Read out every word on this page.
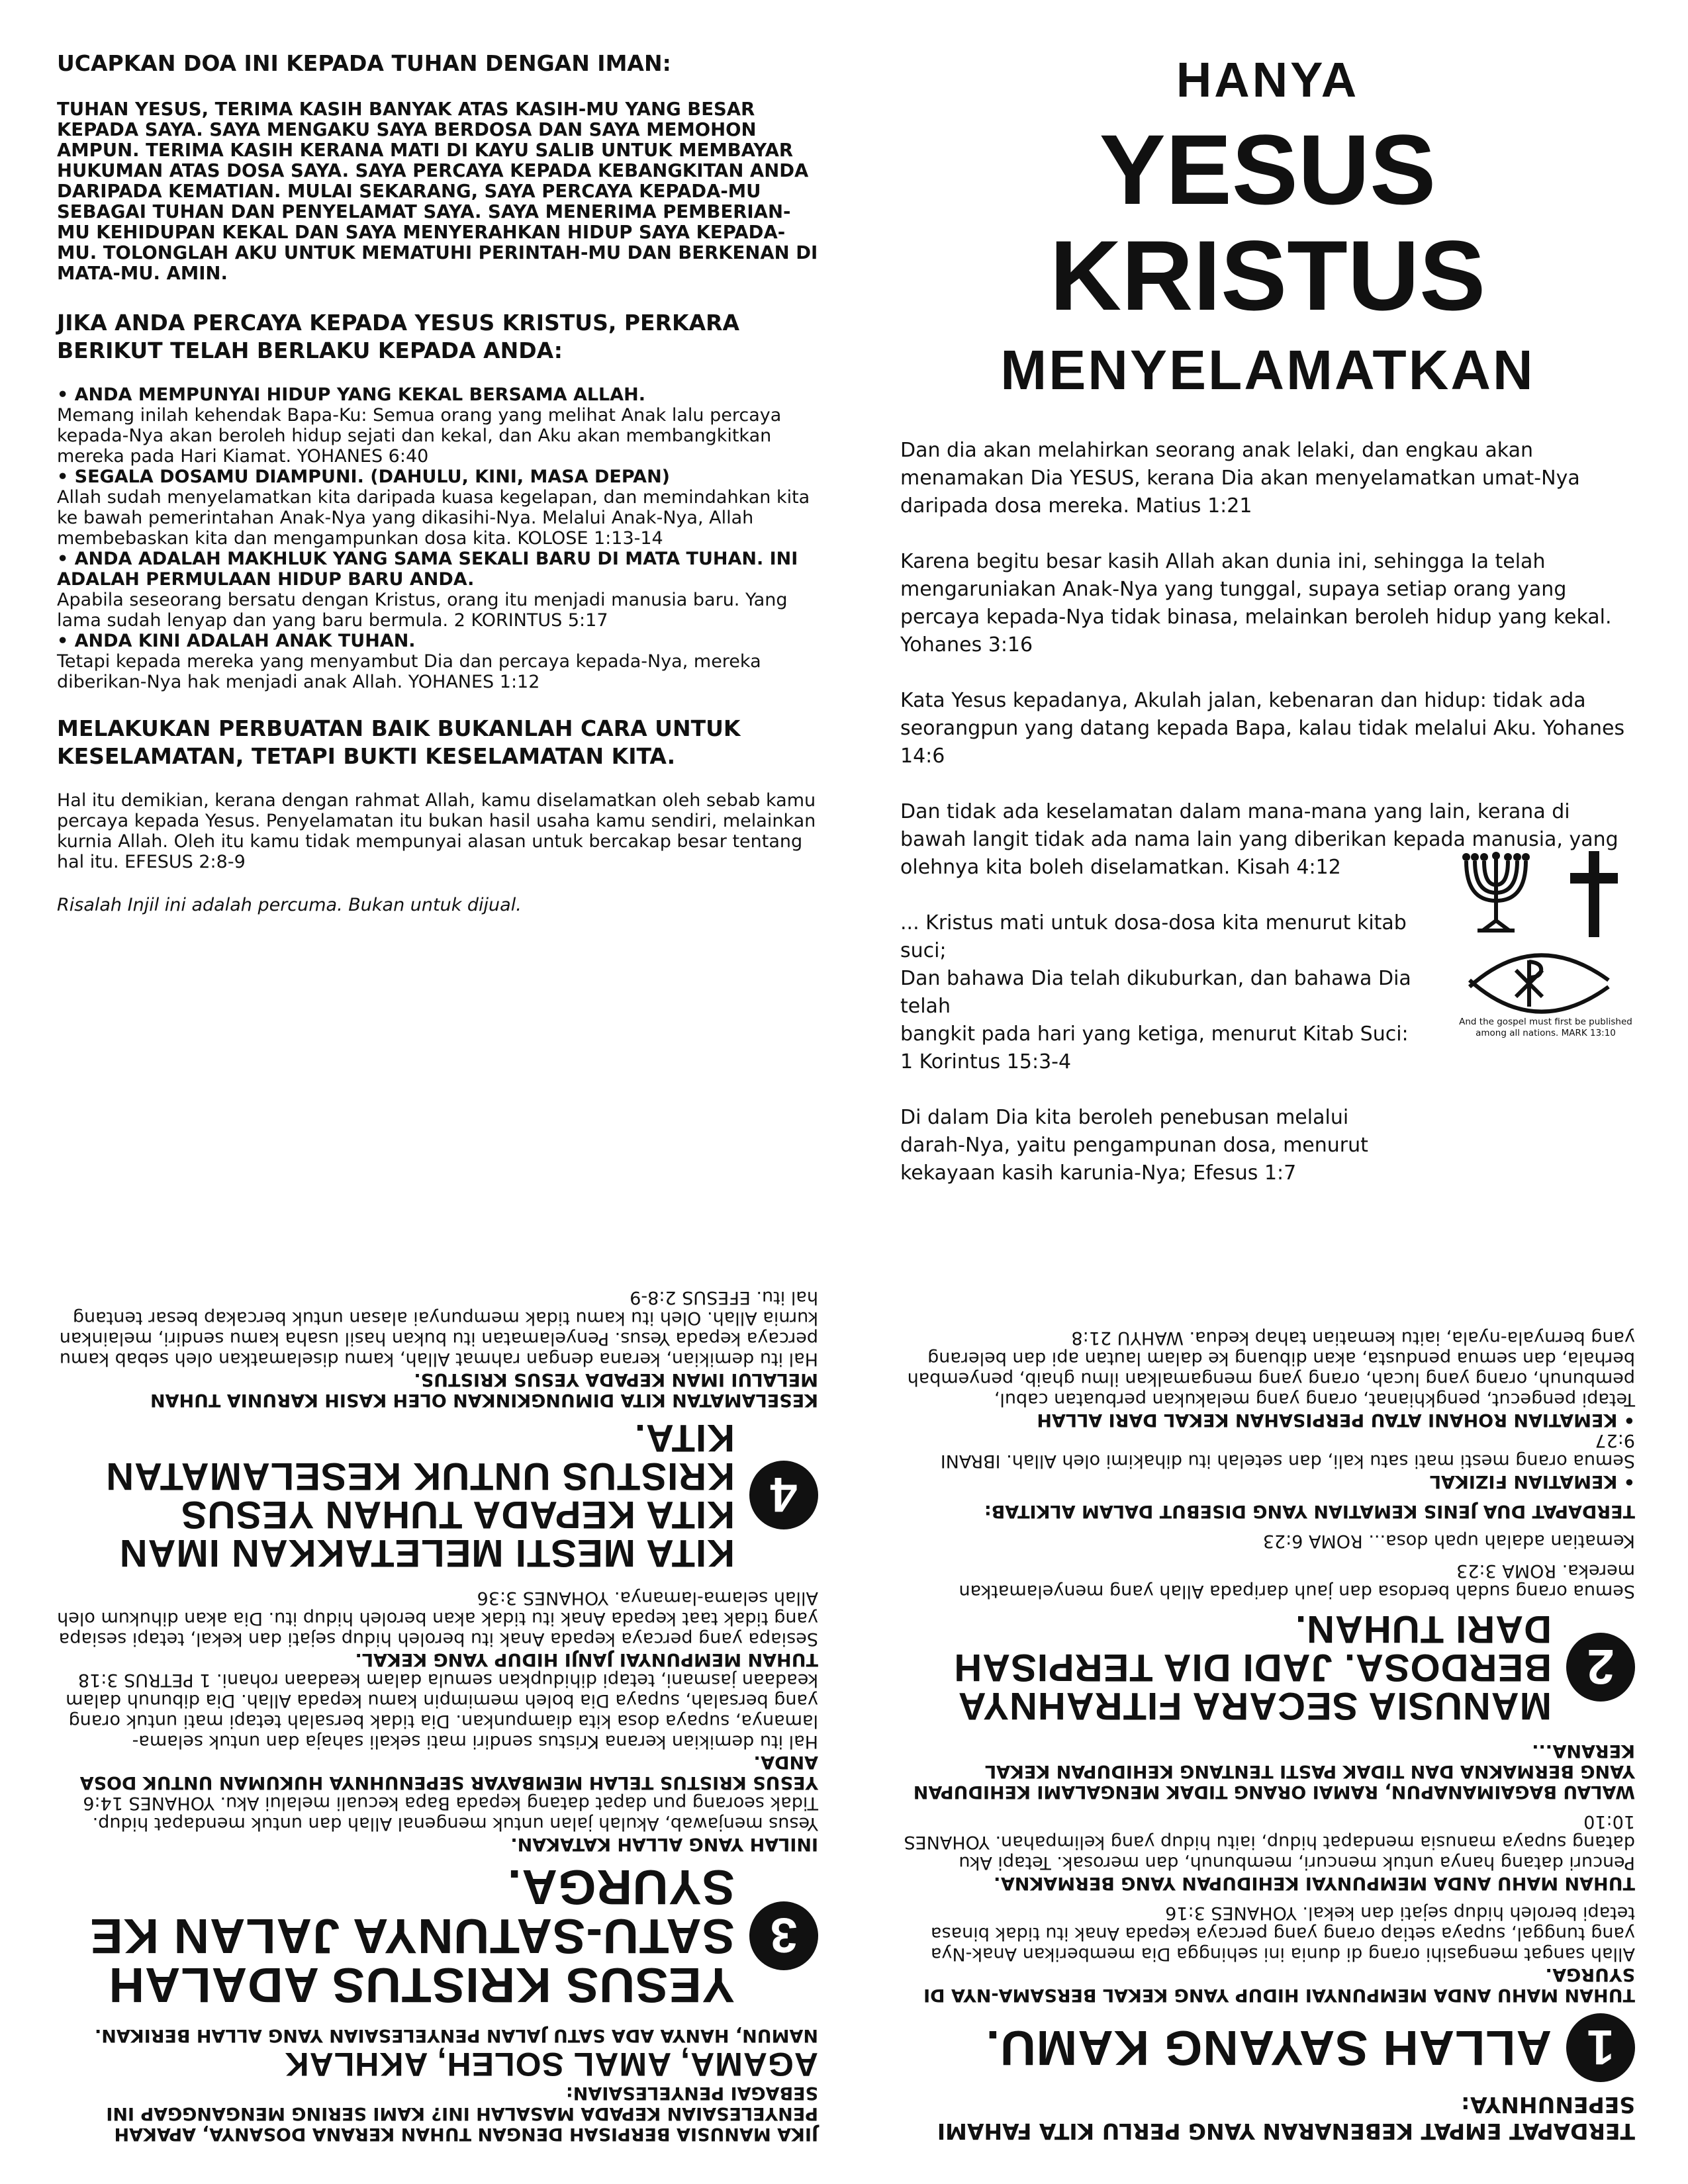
UCAPKAN DOA INI KEPADA TUHAN DENGAN IMAN:

TUHAN YESUS, TERIMA KASIH BANYAK ATAS KASIH-MU YANG BESAR KEPADA SAYA. SAYA MENGAKU SAYA BERDOSA DAN SAYA MEMOHON AMPUN. TERIMA KASIH KERANA MATI DI KAYU SALIB UNTUK MEMBAYAR HUKUMAN ATAS DOSA SAYA. SAYA PERCAYA KEPADA KEBANGKITAN ANDA DARIPADA KEMATIAN. MULAI SEKARANG, SAYA PERCAYA KEPADA-MU SEBAGAI TUHAN DAN PENYELAMAT SAYA. SAYA MENERIMA PEMBERIAN-MU KEHIDUPAN KEKAL DAN SAYA MENYERAHKAN HIDUP SAYA KEPADA-MU. TOLONGLAH AKU UNTUK MEMATUHI PERINTAH-MU DAN BERKENAN DI MATA-MU. AMIN.

JIKA ANDA PERCAYA KEPADA YESUS KRISTUS, PERKARA BERIKUT TELAH BERLAKU KEPADA ANDA:

• ANDA MEMPUNYAI HIDUP YANG KEKAL BERSAMA ALLAH.

Memang inilah kehendak Bapa-Ku: Semua orang yang melihat Anak lalu percaya kepada-Nya akan beroleh hidup sejati dan kekal, dan Aku akan membangkitkan mereka pada Hari Kiamat. YOHANES 6:40

• SEGALA DOSAMU DIAMPUNI. (DAHULU, KINI, MASA DEPAN)

Allah sudah menyelamatkan kita daripada kuasa kegelapan, dan memindahkan kita ke bawah pemerintahan Anak-Nya yang dikasihi-Nya. Melalui Anak-Nya, Allah membebaskan kita dan mengampunkan dosa kita. KOLOSE 1:13-14

• ANDA ADALAH MAKHLUK YANG SAMA SEKALI BARU DI MATA TUHAN. INI ADALAH PERMULAAN HIDUP BARU ANDA.

Apabila seseorang bersatu dengan Kristus, orang itu menjadi manusia baru. Yang lama sudah lenyap dan yang baru bermula. 2 KORINTUS 5:17

• ANDA KINI ADALAH ANAK TUHAN.

Tetapi kepada mereka yang menyambut Dia dan percaya kepada-Nya, mereka diberikan-Nya hak menjadi anak Allah. YOHANES 1:12

MELAKUKAN PERBUATAN BAIK BUKANLAH CARA UNTUK KESELAMATAN, TETAPI BUKTI KESELAMATAN KITA.

Hal itu demikian, kerana dengan rahmat Allah, kamu diselamatkan oleh sebab kamu percaya kepada Yesus. Penyelamatan itu bukan hasil usaha kamu sendiri, melainkan kurnia Allah. Oleh itu kamu tidak mempunyai alasan untuk bercakap besar tentang hal itu. EFESUS 2:8-9

Risalah Injil ini adalah percuma. Bukan untuk dijual.

HANYA
YESUS KRISTUS
MENYELAMATKAN

Dan dia akan melahirkan seorang anak lelaki, dan engkau akan menamakan Dia YESUS, kerana Dia akan menyelamatkan umat-Nya daripada dosa mereka. Matius 1:21

Karena begitu besar kasih Allah akan dunia ini, sehingga Ia telah mengaruniakan Anak-Nya yang tunggal, supaya setiap orang yang percaya kepada-Nya tidak binasa, melainkan beroleh hidup yang kekal. Yohanes 3:16

Kata Yesus kepadanya, Akulah jalan, kebenaran dan hidup: tidak ada seorangpun yang datang kepada Bapa, kalau tidak melalui Aku. Yohanes 14:6

Dan tidak ada keselamatan dalam mana-mana yang lain, kerana di bawah langit tidak ada nama lain yang diberikan kepada manusia, yang olehnya kita boleh diselamatkan. Kisah 4:12

... Kristus mati untuk dosa-dosa kita menurut kitab suci;
Dan bahawa Dia telah dikuburkan, dan bahawa Dia telah
bangkit pada hari yang ketiga, menurut Kitab Suci:
1 Korintus 15:3-4

Di dalam Dia kita beroleh penebusan melalui darah-Nya, yaitu pengampunan dosa, menurut kekayaan kasih karunia-Nya; Efesus 1:7

And the gospel must first be published
among all nations. MARK 13:10

TERDAPAT EMPAT KEBENARAN YANG PERLU KITA FAHAMI SEPENUHNYA:

1
ALLAH SAYANG KAMU.

TUHAN MAHU ANDA MEMPUNYAI HIDUP YANG KEKAL BERSAMA-NYA DI SYURGA.

Allah sangat mengasihi orang di dunia ini sehingga Dia memberikan Anak-Nya yang tunggal, supaya setiap orang yang percaya kepada Anak itu tidak binasa tetapi beroleh hidup sejati dan kekal. YOHANES 3:16

TUHAN MAHU ANDA MEMPUNYAI KEHIDUPAN YANG BERMAKNA.

Pencuri datang hanya untuk mencuri, membunuh, dan merosak. Tetapi Aku datang supaya manusia mendapat hidup, iaitu hidup yang kelimpahan. YOHANES 10:10

WALAU BAGAIMANAPUN, RAMAI ORANG TIDAK MENGALAMI KEHIDUPAN YANG BERMAKNA DAN TIDAK PASTI TENTANG KEHIDUPAN KEKAL KERANA...

2
MANUSIA SECARA FITRAHNYA BERDOSA. JADI DIA TERPISAH DARI TUHAN.

Semua orang sudah berdosa dan jauh daripada Allah yang menyelamatkan mereka. ROMA 3:23

Kematian adalah upah dosa... ROMA 6:23

TERDAPAT DUA JENIS KEMATIAN YANG DISEBUT DALAM ALKITAB:

• KEMATIAN FIZIKAL

Semua orang mesti mati satu kali, dan setelah itu dihakimi oleh Allah. IBRANI 9:27

• KEMATIAN ROHANI ATAU PERPISAHAN KEKAL DARI ALLAH

Tetapi pengecut, pengkhianat, orang yang melakukan perbuatan cabul, pembunuh, orang yang lucah, orang yang mengamalkan ilmu ghaib, penyembah berhala, dan semua pendusta, akan dibuang ke dalam lautan api dan belerang yang bernyala-nyala, iaitu kematian tahap kedua. WAHYU 21:8

JIKA MANUSIA BERPISAH DENGAN TUHAN KERANA DOSANYA, APAKAH PENYELESAIAN KEPADA MASALAH INI? KAMI SERING MENGANGGAP INI SEBAGAI PENYELESAIAN:

AGAMA, AMAL SOLEH, AKHLAK

NAMUN, HANYA ADA SATU JALAN PENYELESAIAN YANG ALLAH BERIKAN.

3
YESUS KRISTUS ADALAH SATU-SATUNYA JALAN KE SYURGA.

INILAH YANG ALLAH KATAKAN.

Yesus menjawab, Akulah jalan untuk mengenal Allah dan untuk mendapat hidup. Tidak seorang pun dapat datang kepada Bapa kecuali melalui Aku. YOHANES 14:6

YESUS KRISTUS TELAH MEMBAYAR SEPENUHNYA HUKUMAN UNTUK DOSA ANDA.

Hal itu demikian kerana Kristus sendiri mati sekali sahaja dan untuk selama-lamanya, supaya dosa kita diampunkan. Dia tidak bersalah tetapi mati untuk orang yang bersalah, supaya Dia boleh memimpin kamu kepada Allah. Dia dibunuh dalam keadaan jasmani, tetapi dihidupkan semula dalam keadaan rohani. 1 PETRUS 3:18

TUHAN MEMPUNYAI JANJI HIDUP YANG KEKAL.

Sesiapa yang percaya kepada Anak itu beroleh hidup sejati dan kekal, tetapi sesiapa yang tidak taat kepada Anak itu tidak akan beroleh hidup itu. Dia akan dihukum oleh Allah selama-lamanya. YOHANES 3:36

4
KITA MESTI MELETAKKAN IMAN KITA KEPADA TUHAN YESUS KRISTUS UNTUK KESELAMATAN KITA.

KESELAMATAN KITA DIMUNGKINKAN OLEH KASIH KARUNIA TUHAN MELALUI IMAN KEPADA YESUS KRISTUS.

Hal itu demikian, kerana dengan rahmat Allah, kamu diselamatkan oleh sebab kamu percaya kepada Yesus. Penyelamatan itu bukan hasil usaha kamu sendiri, melainkan kurnia Allah. Oleh itu kamu tidak mempunyai alasan untuk bercakap besar tentang hal itu. EFESUS 2:8-9
